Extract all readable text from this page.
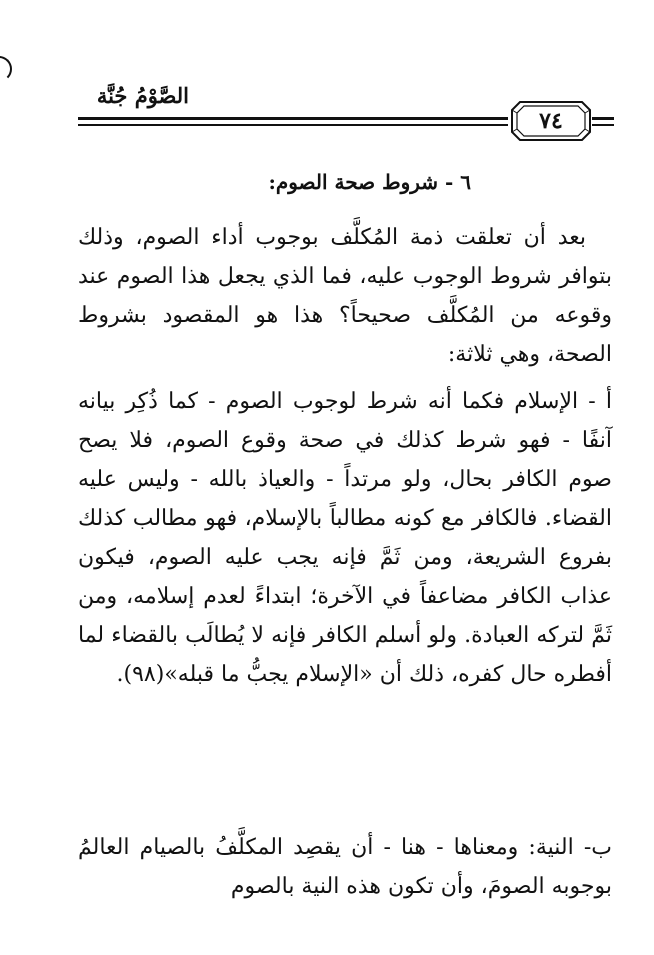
الصَّوْمُ جُنَّة
٧٤
٦ - شروط صحة الصوم:
بعد أن تعلقت ذمة المُكلَّف بوجوب أداء الصوم، وذلك بتوافر شروط الوجوب عليه، فما الذي يجعل هذا الصوم عند وقوعه من المُكلَّف صحيحاً؟ هذا هو المقصود بشروط الصحة، وهي ثلاثة:
أ - الإسلام فكما أنه شرط لوجوب الصوم - كما ذُكِر بيانه آنفًا - فهو شرط كذلك في صحة وقوع الصوم، فلا يصح صوم الكافر بحال، ولو مرتداً - والعياذ بالله - وليس عليه القضاء. فالكافر مع كونه مطالباً بالإسلام، فهو مطالب كذلك بفروع الشريعة، ومن ثَمَّ فإنه يجب عليه الصوم، فيكون عذاب الكافر مضاعفاً في الآخرة؛ ابتداءً لعدم إسلامه، ومن ثَمَّ لتركه العبادة. ولو أسلم الكافر فإنه لا يُطالَب بالقضاء لما أفطره حال كفره، ذلك أن «الإسلام يجبُّ ما قبله»(٩٨).
ب- النية: ومعناها - هنا - أن يقصِد المكلَّفُ بالصيام العالمُ بوجوبه الصومَ، وأن تكون هذه النية بالصوم
